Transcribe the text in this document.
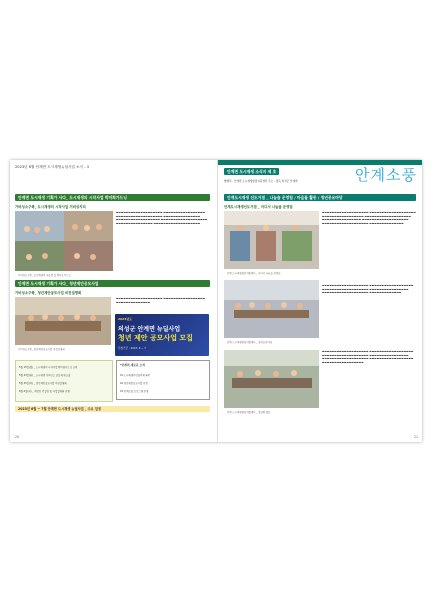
2023년 6월 안계면 도시재생뉴딜사업 소식 - 3
안계면 도시재생 기획가 사다_ 도시재생의 시작사업 박미희가드닝
가비성소구축_ 도시재생의 시작사업 거비성지리
가비성소구축_ 공식재생의 나눔위 실 박미소가드닝
▬▬▬▬▬▬▬▬▬▬▬▬▬▬▬▬▬▬▬ ▬▬▬▬▬▬▬▬▬▬▬▬▬▬▬▬▬ ▬▬▬▬▬▬▬▬▬▬▬▬▬▬▬▬▬▬▬ ▬▬▬▬▬▬▬▬▬▬▬▬▬▬▬ ▬▬▬▬▬▬▬▬▬▬▬▬▬▬▬▬▬▬ ▬▬▬▬▬▬▬▬▬▬▬▬▬▬▬▬▬▬▬ ▬▬▬▬▬▬▬▬▬▬▬▬▬▬▬ ▬▬▬▬▬▬▬▬▬▬▬▬▬▬▬▬▬▬▬
안계면 도시재생 기획가 사다_ 청년제안공모사업
가비성소구축_ 청년제안공모사업 비전설명회
가비성소구축_ 청년제안공모사업 비전설명회
▬▬▬▬▬▬▬▬▬▬▬▬▬▬▬▬▬▬▬ ▬▬▬▬▬▬▬▬▬▬▬▬▬▬▬▬▬ ▬▬▬▬▬▬▬▬▬▬▬▬▬▬
2023년도
의성군 안계면 뉴딜사업
청년 제안 공모사업 모집
신청기간 : 2023. 6 ~ 7
5월 15일(월) _ 도시재생의 시작사업 박미희가드닝 교육
5월 23일(화) _ 도시재생 거버넌스 공동체 워크숍
5월 25일(목) _ 청년제안공모사업 비전설명회
6월 6일(화) _ 제안팀 컨설팅 및 사업설명회 진행
*안계의 새로운 소식
01 도시재생주민협의체 회의
02 청년제안공모사업 선정
03 안계소풍 프로그램 운영
2023년 6월 ~ 7월 안계면 도시재생 뉴딜사업 _ 주요 일정
20
안계면 도시재생 소식지 제 호	안계소풍
발행처 : 안계면 도시재생현장지원센터 주소 : 경북 의성군 안계면
안계도시재생 선도거점 _ 나눔숍 운영팀 / 마을돌 활동 / 청년공유마당
안계도시재생선도거점 _ 어디서 나눔숍 운영팀
안계 도시재생현장지원센터 _ 어디서 나눔숍 운영팀
▬▬▬▬▬▬▬▬▬▬▬▬▬▬▬▬▬▬▬ ▬▬▬▬▬▬▬▬▬▬▬▬▬▬▬▬▬▬▬ ▬▬▬▬▬▬▬▬▬▬▬▬▬▬▬▬▬ ▬▬▬▬▬▬▬▬▬▬▬▬▬▬▬▬▬▬▬ ▬▬▬▬▬▬▬▬▬▬▬▬▬▬▬▬ ▬▬▬▬▬▬▬▬▬▬▬▬▬▬▬▬▬▬▬ ▬▬▬▬▬▬▬▬▬▬▬▬▬▬▬▬▬▬▬ ▬▬▬▬▬▬▬▬▬▬▬▬▬▬
안계 도시재생현장지원센터 _ 청년공유마당
▬▬▬▬▬▬▬▬▬▬▬▬▬▬▬▬▬▬▬ ▬▬▬▬▬▬▬▬▬▬▬▬▬▬▬▬▬▬ ▬▬▬▬▬▬▬▬▬▬▬▬▬▬▬▬▬▬▬ ▬▬▬▬▬▬▬▬▬▬▬▬▬▬▬▬ ▬▬▬▬▬▬▬▬▬▬▬▬▬▬▬▬▬▬▬ ▬▬▬▬▬▬▬▬▬▬▬▬▬
안계 도시재생현장지원센터 _ 정담회 활동
▬▬▬▬▬▬▬▬▬▬▬▬▬▬▬▬▬▬▬ ▬▬▬▬▬▬▬▬▬▬▬▬▬▬▬▬▬▬ ▬▬▬▬▬▬▬▬▬▬▬▬▬▬▬▬▬▬▬ ▬▬▬▬▬▬▬▬▬▬▬▬▬▬▬▬ ▬▬▬▬▬▬▬▬▬▬▬▬▬▬▬▬▬▬▬ ▬▬▬▬▬▬▬▬▬▬▬▬▬▬▬▬▬▬ ▬▬▬▬▬▬▬▬▬▬▬▬▬▬▬▬▬
21
